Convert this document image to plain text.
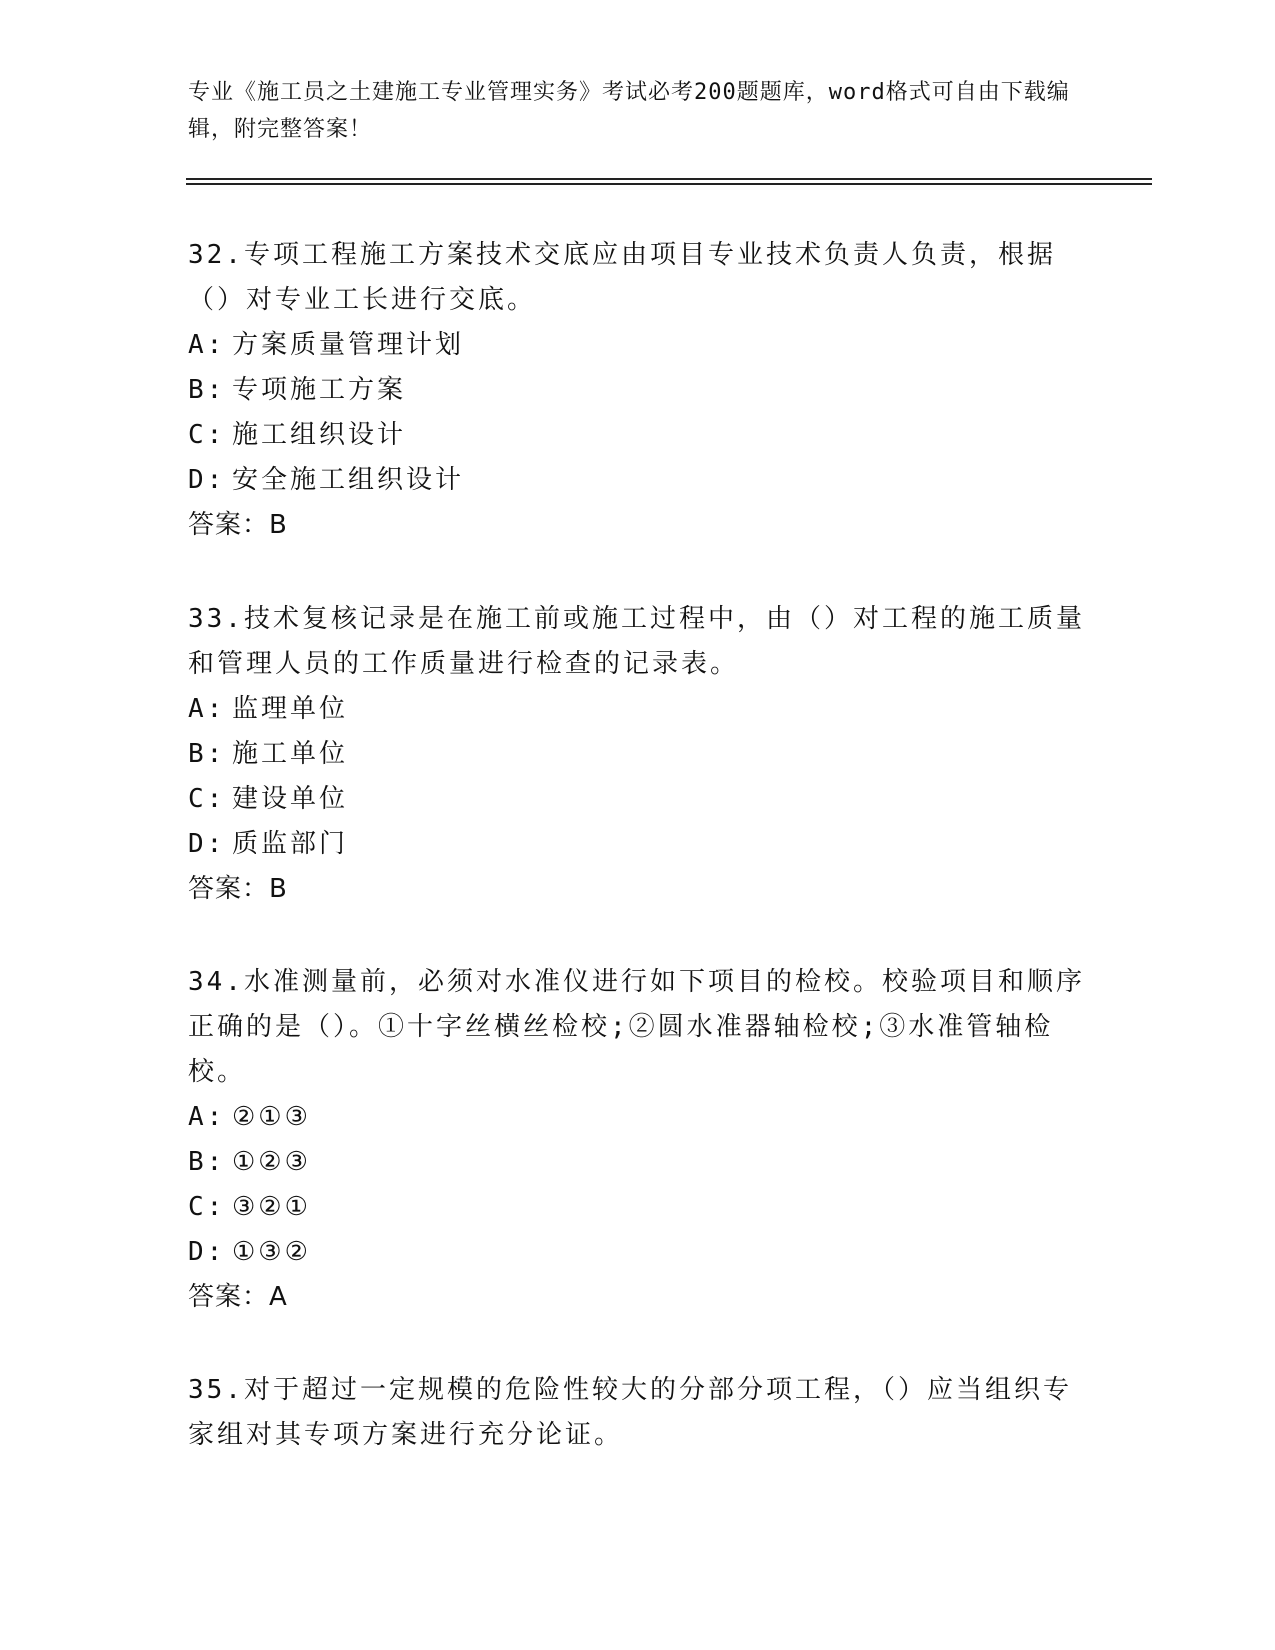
专业《施工员之土建施工专业管理实务》考试必考200题题库，word格式可自由下载编辑，附完整答案！

32.专项工程施工方案技术交底应由项目专业技术负责人负责，根据（）对专业工长进行交底。

A: 方案质量管理计划

B: 专项施工方案

C: 施工组织设计

D: 安全施工组织设计

答案：B

33.技术复核记录是在施工前或施工过程中，由（）对工程的施工质量和管理人员的工作质量进行检查的记录表。

A: 监理单位

B: 施工单位

C: 建设单位

D: 质监部门

答案：B

34.水准测量前，必须对水准仪进行如下项目的检校。校验项目和顺序正确的是（）。①十字丝横丝检校;②圆水准器轴检校;③水准管轴检校。

A: ②①③

B: ①②③

C: ③②①

D: ①③②

答案：A

35.对于超过一定规模的危险性较大的分部分项工程，（）应当组织专家组对其专项方案进行充分论证。
